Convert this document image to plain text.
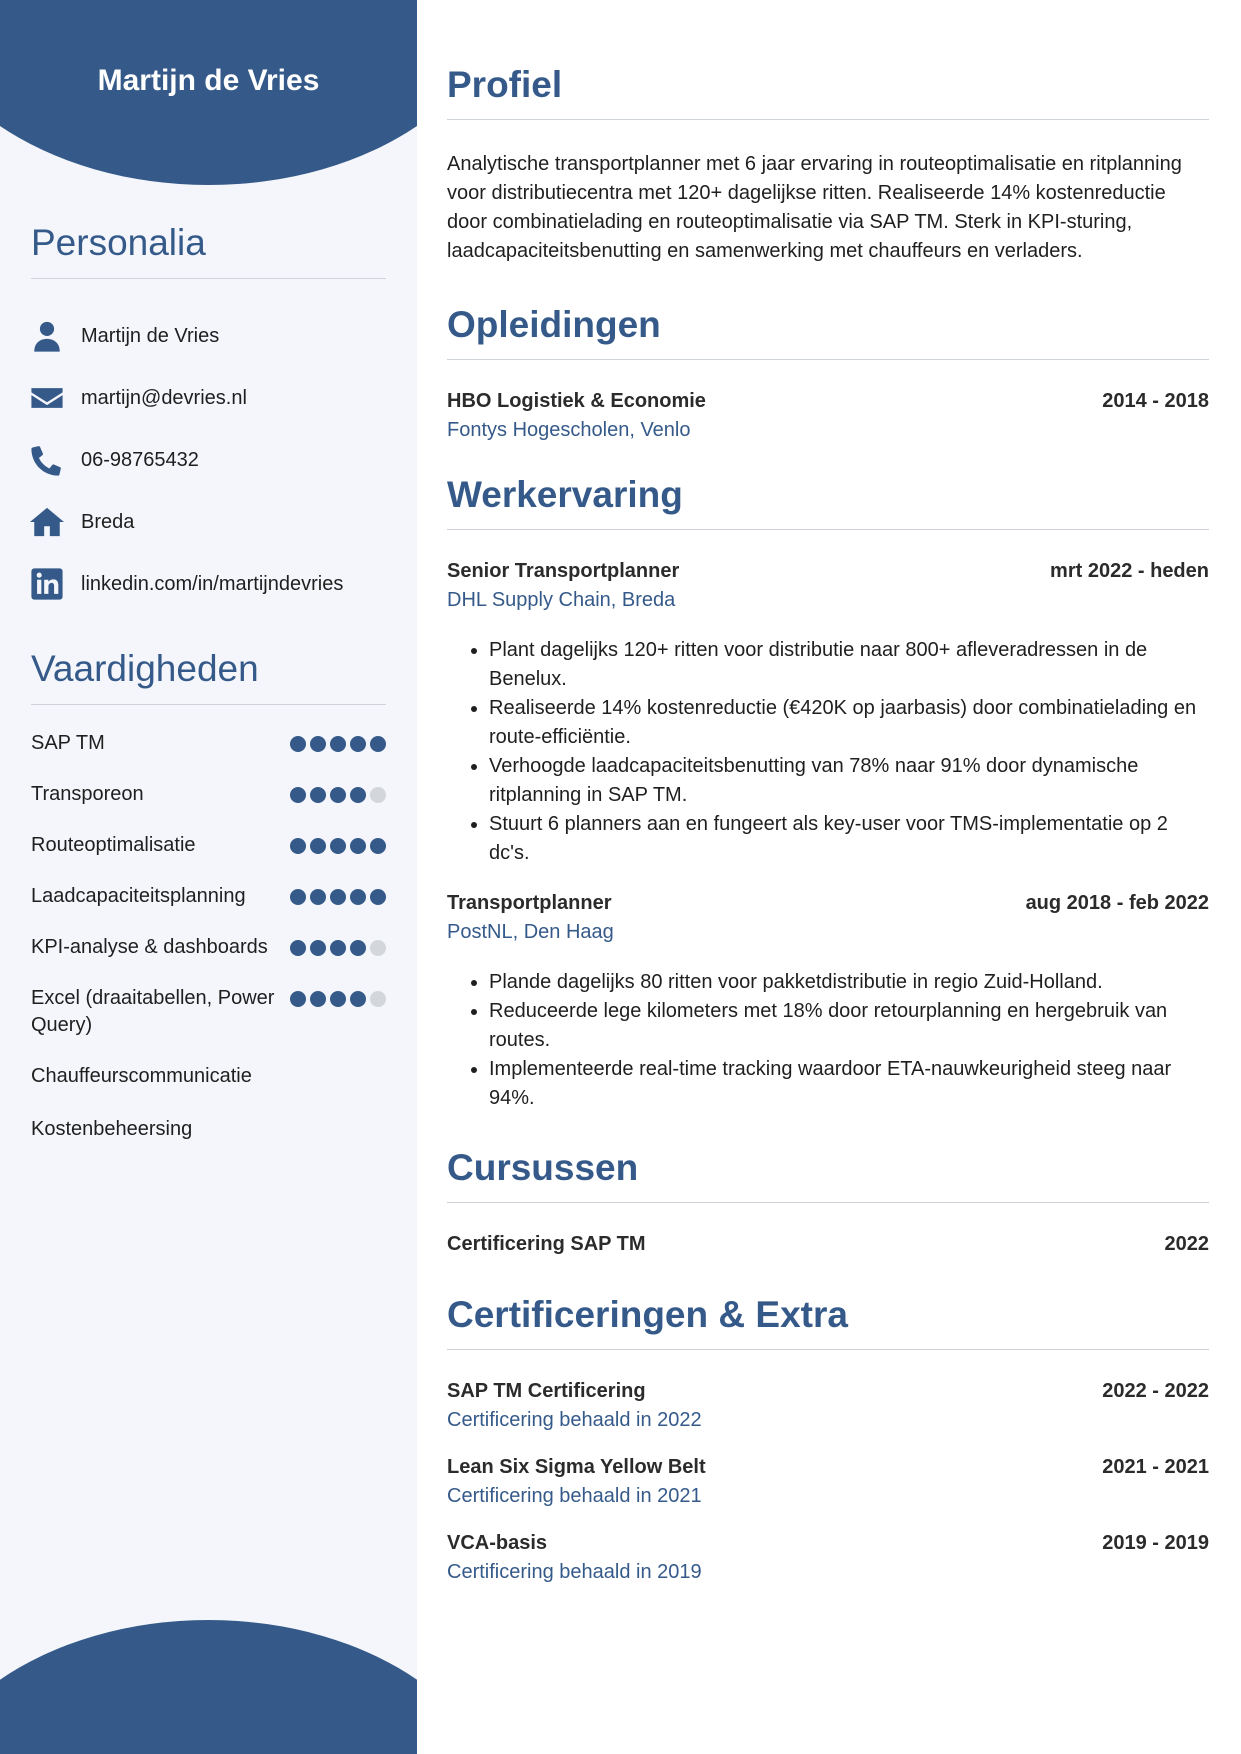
Martijn de Vries
Personalia
Martijn de Vries
martijn@devries.nl
06-98765432
Breda
linkedin.com/in/martijndevries
Vaardigheden
SAP TM
Transporeon
Routeoptimalisatie
Laadcapaciteitsplanning
KPI-analyse & dashboards
Excel (draaitabellen, Power Query)
Chauffeurscommunicatie
Kostenbeheersing
Profiel

Analytische transportplanner met 6 jaar ervaring in routeoptimalisatie en ritplanning voor distributiecentra met 120+ dagelijkse ritten. Realiseerde 14% kostenreductie door combinatielading en routeoptimalisatie via SAP TM. Sterk in KPI-sturing, laadcapaciteitsbenutting en samenwerking met chauffeurs en verladers.

Opleidingen
HBO Logistiek & Economie	2014 - 2018
Fontys Hogescholen, Venlo
Werkervaring
Senior Transportplanner	mrt 2022 - heden
DHL Supply Chain, Breda
• Plant dagelijks 120+ ritten voor distributie naar 800+ afleveradressen in de Benelux.
• Realiseerde 14% kostenreductie (€420K op jaarbasis) door combinatielading en route-efficiëntie.
• Verhoogde laadcapaciteitsbenutting van 78% naar 91% door dynamische ritplanning in SAP TM.
• Stuurt 6 planners aan en fungeert als key-user voor TMS-implementatie op 2 dc's.
Transportplanner	aug 2018 - feb 2022
PostNL, Den Haag
• Plande dagelijks 80 ritten voor pakketdistributie in regio Zuid-Holland.
• Reduceerde lege kilometers met 18% door retourplanning en hergebruik van routes.
• Implementeerde real-time tracking waardoor ETA-nauwkeurigheid steeg naar 94%.
Cursussen
Certificering SAP TM	2022
Certificeringen & Extra
SAP TM Certificering	2022 - 2022
Certificering behaald in 2022
Lean Six Sigma Yellow Belt	2021 - 2021
Certificering behaald in 2021
VCA-basis	2019 - 2019
Certificering behaald in 2019
